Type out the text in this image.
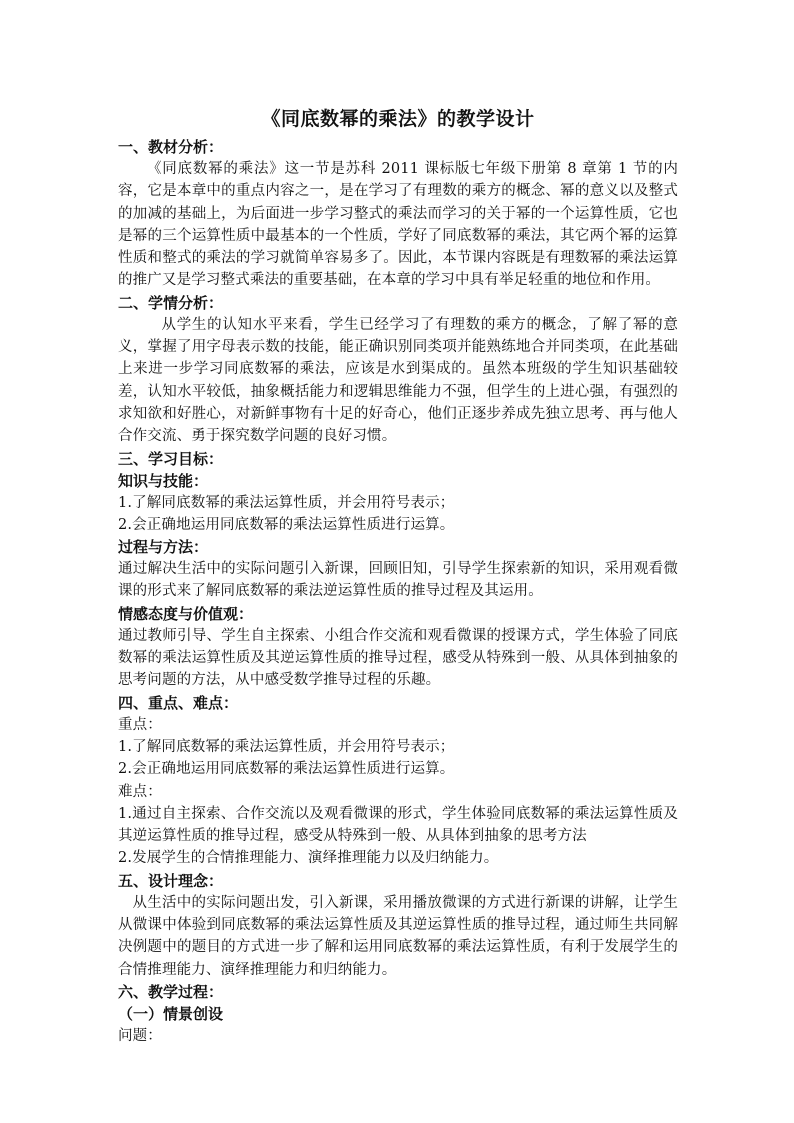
《同底数幂的乘法》的教学设计

一、教材分析：

《同底数幂的乘法》这一节是苏科 2011 课标版七年级下册第 8 章第 1 节的内容，它是本章中的重点内容之一，是在学习了有理数的乘方的概念、幂的意义以及整式的加减的基础上，为后面进一步学习整式的乘法而学习的关于幂的一个运算性质，它也是幂的三个运算性质中最基本的一个性质，学好了同底数幂的乘法，其它两个幂的运算性质和整式的乘法的学习就简单容易多了。因此，本节课内容既是有理数幂的乘法运算的推广又是学习整式乘法的重要基础，在本章的学习中具有举足轻重的地位和作用。

二、学情分析：

从学生的认知水平来看，学生已经学习了有理数的乘方的概念，了解了幂的意义，掌握了用字母表示数的技能，能正确识别同类项并能熟练地合并同类项，在此基础上来进一步学习同底数幂的乘法，应该是水到渠成的。虽然本班级的学生知识基础较差，认知水平较低，抽象概括能力和逻辑思维能力不强，但学生的上进心强，有强烈的求知欲和好胜心，对新鲜事物有十足的好奇心，他们正逐步养成先独立思考、再与他人合作交流、勇于探究数学问题的良好习惯。

三、学习目标：

知识与技能：

1.了解同底数幂的乘法运算性质，并会用符号表示；

2.会正确地运用同底数幂的乘法运算性质进行运算。

过程与方法：

通过解决生活中的实际问题引入新课，回顾旧知，引导学生探索新的知识，采用观看微课的形式来了解同底数幂的乘法逆运算性质的推导过程及其运用。

情感态度与价值观：

通过教师引导、学生自主探索、小组合作交流和观看微课的授课方式，学生体验了同底数幂的乘法运算性质及其逆运算性质的推导过程，感受从特殊到一般、从具体到抽象的思考问题的方法，从中感受数学推导过程的乐趣。

四、重点、难点：

重点：

1.了解同底数幂的乘法运算性质，并会用符号表示；

2.会正确地运用同底数幂的乘法运算性质进行运算。

难点：

1.通过自主探索、合作交流以及观看微课的形式，学生体验同底数幂的乘法运算性质及其逆运算性质的推导过程，感受从特殊到一般、从具体到抽象的思考方法

2.发展学生的合情推理能力、演绎推理能力以及归纳能力。

五、设计理念：

从生活中的实际问题出发，引入新课，采用播放微课的方式进行新课的讲解，让学生从微课中体验到同底数幂的乘法运算性质及其逆运算性质的推导过程，通过师生共同解决例题中的题目的方式进一步了解和运用同底数幂的乘法运算性质，有利于发展学生的合情推理能力、演绎推理能力和归纳能力。

六、教学过程：

（一）情景创设

问题：
